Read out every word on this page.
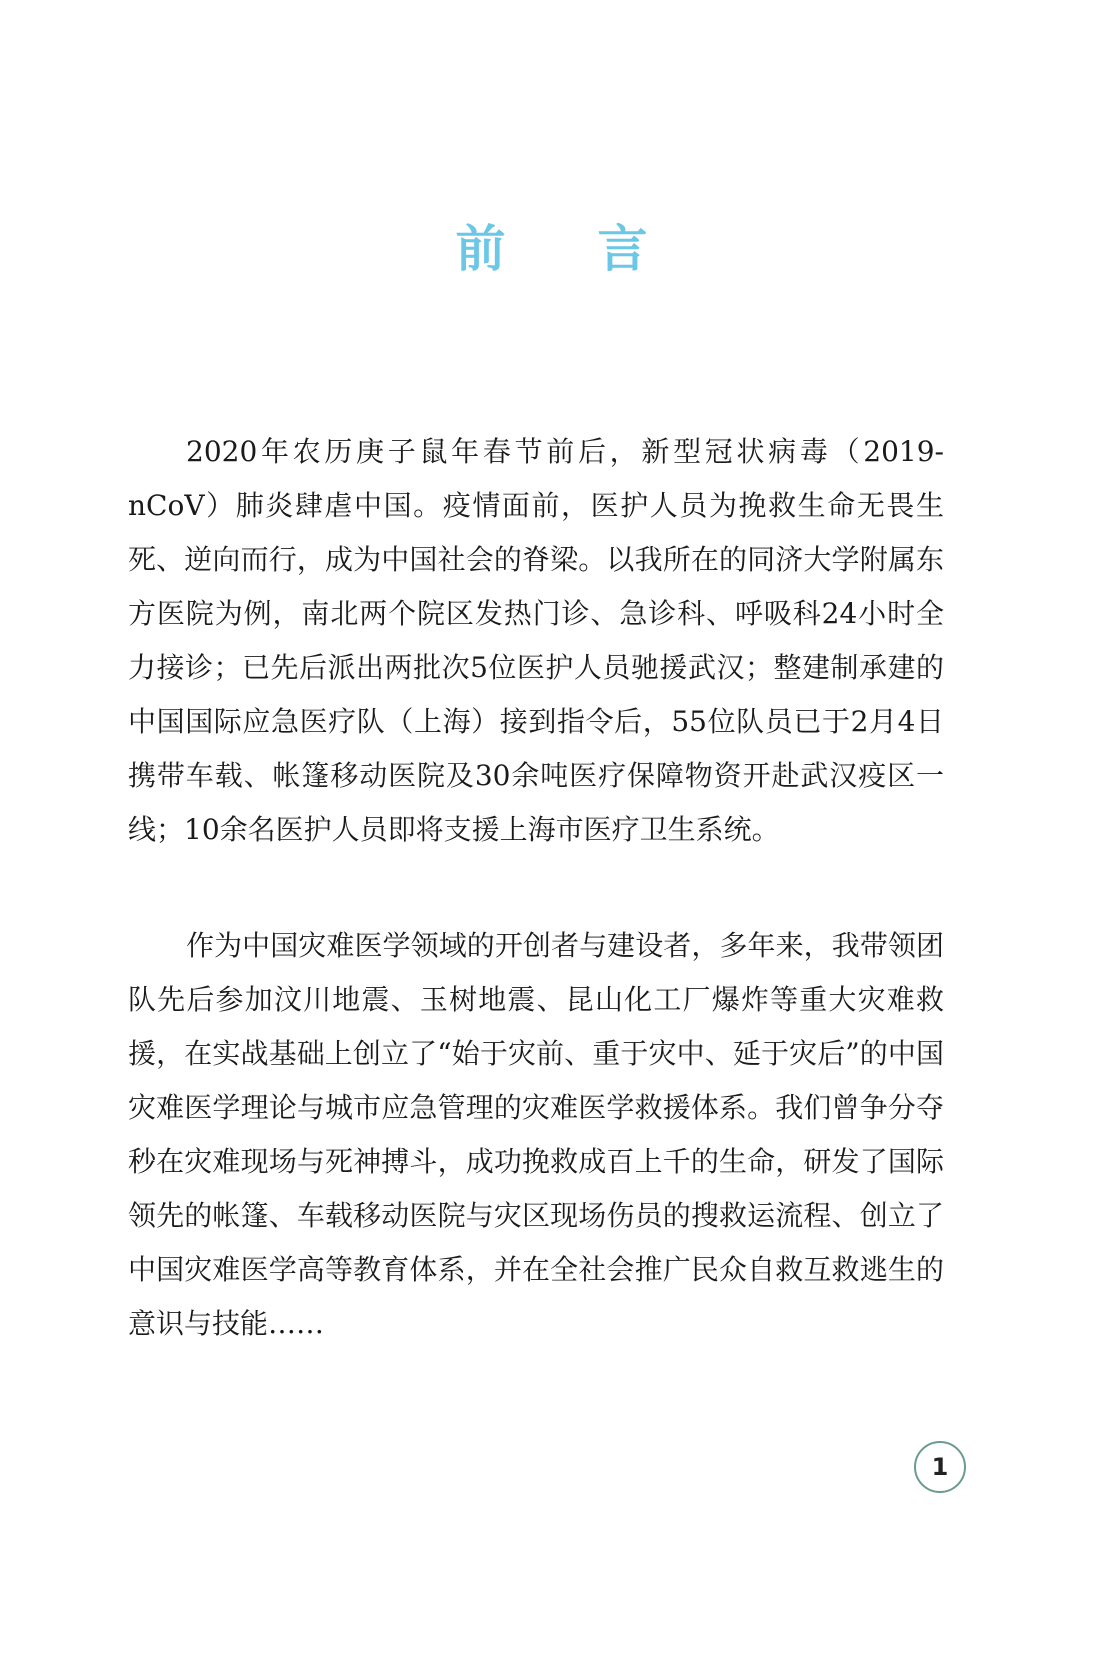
前言

2020年农历庚子鼠年春节前后，新型冠状病毒（2019-nCoV）肺炎肆虐中国。疫情面前，医护人员为挽救生命无畏生死、逆向而行，成为中国社会的脊梁。以我所在的同济大学附属东方医院为例，南北两个院区发热门诊、急诊科、呼吸科24小时全力接诊；已先后派出两批次5位医护人员驰援武汉；整建制承建的中国国际应急医疗队（上海）接到指令后，55位队员已于2月4日携带车载、帐篷移动医院及30余吨医疗保障物资开赴武汉疫区一线；10余名医护人员即将支援上海市医疗卫生系统。

作为中国灾难医学领域的开创者与建设者，多年来，我带领团队先后参加汶川地震、玉树地震、昆山化工厂爆炸等重大灾难救援，在实战基础上创立了“始于灾前、重于灾中、延于灾后”的中国灾难医学理论与城市应急管理的灾难医学救援体系。我们曾争分夺秒在灾难现场与死神搏斗，成功挽救成百上千的生命，研发了国际领先的帐篷、车载移动医院与灾区现场伤员的搜救运流程、创立了中国灾难医学高等教育体系，并在全社会推广民众自救互救逃生的意识与技能……

1
